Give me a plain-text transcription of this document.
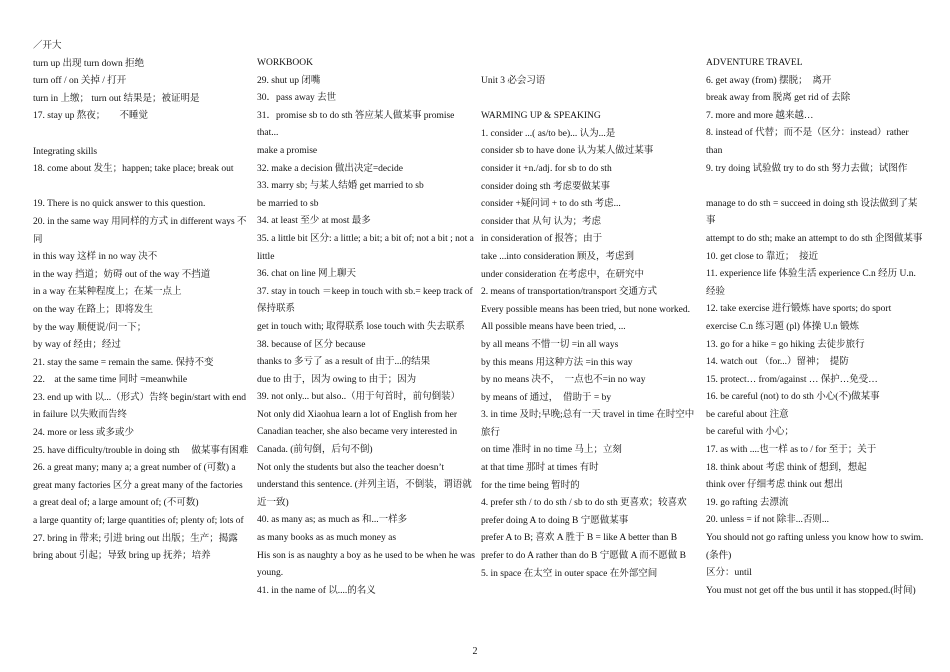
／开大
turn up 出现 turn down 拒绝
turn off / on 关掉 / 打开
turn in 上缴； turn out 结果是；被证明是
17. stay up 熬夜；　　不睡觉
Integrating skills
18. come about 发生；happen; take place; break out
19. There is no quick answer to this question.
20. in the same way 用同样的方式 in different ways 不同
in this way 这样 in no way 决不
in the way 挡道；妨碍 out of the way 不挡道
in a way 在某种程度上；在某一点上
on the way 在路上；即将发生
by the way 顺便说/问一下；
by way of 经由；经过
21. stay the same = remain the same. 保持不变
22.　at the same time 同时 =meanwhile
23. end up with 以...（形式）告终 begin/start with end in failure 以失败而告终
24. more or less 或多或少
25. have difficulty/trouble in doing sth　 做某事有困难
26. a great many; many a; a great number of (可数) a great many factories 区分 a great many of the factories
a great deal of; a large amount of; (不可数)
a large quantity of; large quantities of; plenty of; lots of
27. bring in 带来; 引进 bring out 出版；生产；揭露
bring about 引起；导致 bring up 抚养；培养
WORKBOOK
29. shut up 闭嘴
30．pass away 去世
31．promise sb to do sth 答应某人做某事 promise that...
make a promise
32. make a decision 做出决定=decide
33. marry sb; 与某人结婚 get married to sb
be married to sb
34. at least 至少 at most 最多
35. a little bit 区分: a little; a bit; a bit of; not a bit ; not a little
36. chat on line 网上聊天
37. stay in touch ＝keep in touch with sb.= keep track of
保持联系
get in touch with; 取得联系 lose touch with 失去联系
38. because of 区分 because
thanks to 多亏了 as a result of 由于...的结果
due to 由于，因为 owing to 由于；因为
39. not only... but also..（用于句首时，前句倒装）
Not only did Xiaohua learn a lot of English from her Canadian teacher, she also became very interested in Canada. (前句倒，后句不倒)
Not only the students but also the teacher doesn’t understand this sentence. (并列主语，不倒装，谓语就近一致)
40. as many as; as much as 和...一样多
as many books as as much money as
His son is as naughty a boy as he used to be when he was young.
41. in the name of 以....的名义
Unit 3 必会习语
WARMING UP & SPEAKING
1. consider ...( as/to be)... 认为...是
consider sb to have done 认为某人做过某事
consider it +n./adj. for sb to do sth
consider doing sth 考虑要做某事
consider +疑问词 + to do sth 考虑...
consider that 从句 认为；考虑
in consideration of 报答；由于
take ...into consideration 顾及，考虑到
under consideration 在考虑中，在研究中
2. means of transportation/transport 交通方式
Every possible means has been tried, but none worked.
All possible means have been tried, ...
by all means 不惜一切 =in all ways
by this means 用这种方法 =in this way
by no means 决不，　一点也不=in no way
by means of 通过，　借助于 = by
3. in time 及时;早晚;总有一天 travel in time 在时空中旅行
on time 准时 in no time 马上；立刻
at that time 那时 at times 有时
for the time being 暂时的
4. prefer sth / to do sth / sb to do sth 更喜欢；较喜欢
prefer doing A to doing B 宁愿做某事
prefer A to B; 喜欢 A 胜于 B = like A better than B
prefer to do A rather than do B 宁愿做 A 而不愿做 B
5. in space 在太空 in outer space 在外部空间
ADVENTURE TRAVEL
6. get away (from) 摆脱；　离开
break away from 脱离 get rid of 去除
7. more and more 越来越…
8. instead of 代替；而不是（区分：instead）rather than
9. try doing 试验做 try to do sth 努力去做；试图作
manage to do sth = succeed in doing sth 设法做到了某事
attempt to do sth; make an attempt to do sth 企图做某事
10. get close to 靠近；　接近
11. experience life 体验生活 experience C.n 经历 U.n.经验
12. take exercise 进行锻炼 have sports; do sport exercise C.n 练习题 (pl) 体操 U.n 锻炼
13. go for a hike = go hiking 去徒步旅行
14. watch out （for...）留神；　提防
15. protect… from/against … 保护…免受…
16. be careful (not) to do sth 小心(不)做某事
be careful about 注意
be careful with 小心；
17. as with ....也一样 as to / for 至于；关于
18. think about 考虑 think of 想到，想起
think over 仔细考虑 think out 想出
19. go rafting 去漂流
20. unless = if not 除非...否则...
You should not go rafting unless you know how to swim.(条件)
区分：until
You must not get off the bus until it has stopped.(时间)
2
